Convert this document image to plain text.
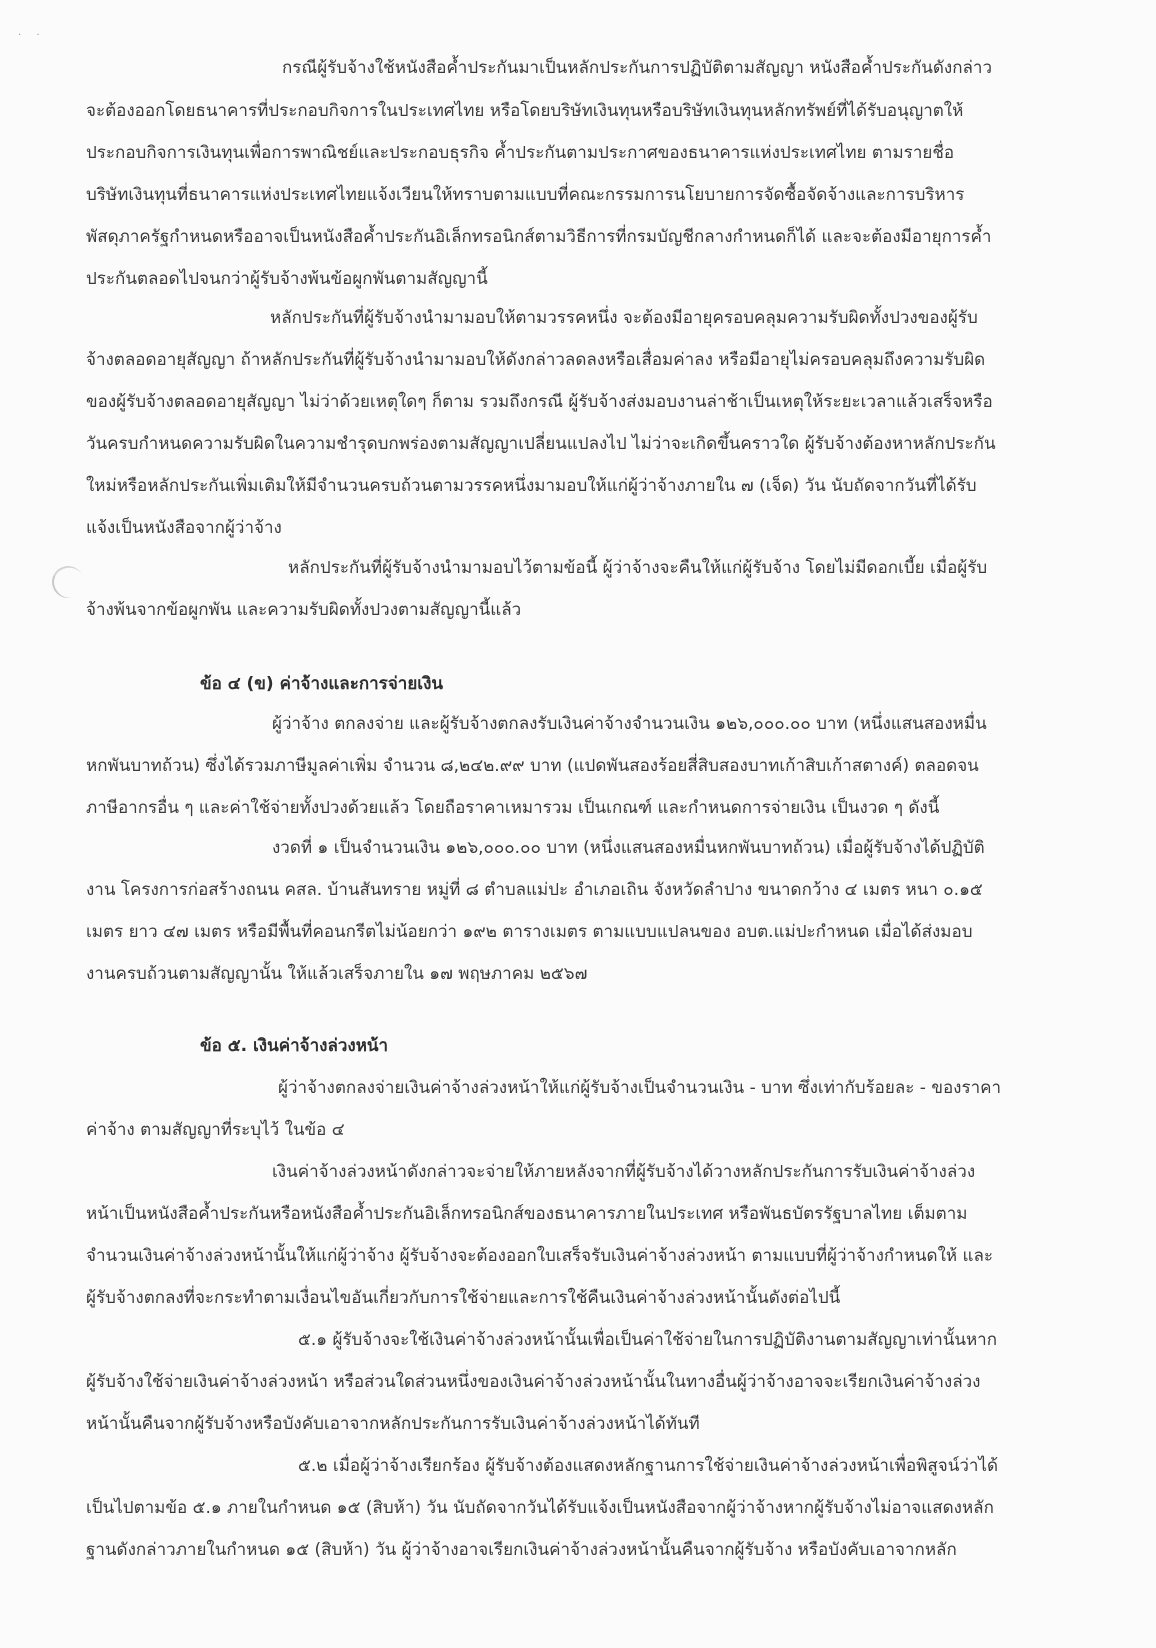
· ·
กรณีผู้รับจ้างใช้หนังสือค้ำประกันมาเป็นหลักประกันการปฏิบัติตามสัญญา หนังสือค้ำประกันดังกล่าว
จะต้องออกโดยธนาคารที่ประกอบกิจการในประเทศไทย หรือโดยบริษัทเงินทุนหรือบริษัทเงินทุนหลักทรัพย์ที่ได้รับอนุญาตให้
ประกอบกิจการเงินทุนเพื่อการพาณิชย์และประกอบธุรกิจ ค้ำประกันตามประกาศของธนาคารแห่งประเทศไทย ตามรายชื่อ
บริษัทเงินทุนที่ธนาคารแห่งประเทศไทยแจ้งเวียนให้ทราบตามแบบที่คณะกรรมการนโยบายการจัดซื้อจัดจ้างและการบริหาร
พัสดุภาครัฐกำหนดหรืออาจเป็นหนังสือค้ำประกันอิเล็กทรอนิกส์ตามวิธีการที่กรมบัญชีกลางกำหนดก็ได้ และจะต้องมีอายุการค้ำ
ประกันตลอดไปจนกว่าผู้รับจ้างพ้นข้อผูกพันตามสัญญานี้
หลักประกันที่ผู้รับจ้างนำมามอบให้ตามวรรคหนึ่ง จะต้องมีอายุครอบคลุมความรับผิดทั้งปวงของผู้รับ
จ้างตลอดอายุสัญญา ถ้าหลักประกันที่ผู้รับจ้างนำมามอบให้ดังกล่าวลดลงหรือเสื่อมค่าลง หรือมีอายุไม่ครอบคลุมถึงความรับผิด
ของผู้รับจ้างตลอดอายุสัญญา ไม่ว่าด้วยเหตุใดๆ ก็ตาม รวมถึงกรณี ผู้รับจ้างส่งมอบงานล่าช้าเป็นเหตุให้ระยะเวลาแล้วเสร็จหรือ
วันครบกำหนดความรับผิดในความชำรุดบกพร่องตามสัญญาเปลี่ยนแปลงไป ไม่ว่าจะเกิดขึ้นคราวใด ผู้รับจ้างต้องหาหลักประกัน
ใหม่หรือหลักประกันเพิ่มเติมให้มีจำนวนครบถ้วนตามวรรคหนึ่งมามอบให้แก่ผู้ว่าจ้างภายใน ๗ (เจ็ด) วัน นับถัดจากวันที่ได้รับ
แจ้งเป็นหนังสือจากผู้ว่าจ้าง
หลักประกันที่ผู้รับจ้างนำมามอบไว้ตามข้อนี้ ผู้ว่าจ้างจะคืนให้แก่ผู้รับจ้าง โดยไม่มีดอกเบี้ย เมื่อผู้รับ
จ้างพ้นจากข้อผูกพัน และความรับผิดทั้งปวงตามสัญญานี้แล้ว
ข้อ ๔ (ข) ค่าจ้างและการจ่ายเงิน
ผู้ว่าจ้าง ตกลงจ่าย และผู้รับจ้างตกลงรับเงินค่าจ้างจำนวนเงิน ๑๒๖,๐๐๐.๐๐ บาท (หนึ่งแสนสองหมื่น
หกพันบาทถ้วน) ซึ่งได้รวมภาษีมูลค่าเพิ่ม จำนวน ๘,๒๔๒.๙๙ บาท (แปดพันสองร้อยสี่สิบสองบาทเก้าสิบเก้าสตางค์) ตลอดจน
ภาษีอากรอื่น ๆ และค่าใช้จ่ายทั้งปวงด้วยแล้ว โดยถือราคาเหมารวม เป็นเกณฑ์ และกำหนดการจ่ายเงิน เป็นงวด ๆ ดังนี้
งวดที่ ๑ เป็นจำนวนเงิน ๑๒๖,๐๐๐.๐๐ บาท (หนึ่งแสนสองหมื่นหกพันบาทถ้วน) เมื่อผู้รับจ้างได้ปฏิบัติ
งาน โครงการก่อสร้างถนน คสล. บ้านสันทราย หมู่ที่ ๘ ตำบลแม่ปะ อำเภอเถิน จังหวัดลำปาง ขนาดกว้าง ๔ เมตร หนา ๐.๑๕
เมตร ยาว ๔๗ เมตร หรือมีพื้นที่คอนกรีตไม่น้อยกว่า ๑๙๒ ตารางเมตร ตามแบบแปลนของ อบต.แม่ปะกำหนด เมื่อได้ส่งมอบ
งานครบถ้วนตามสัญญานั้น ให้แล้วเสร็จภายใน ๑๗ พฤษภาคม ๒๕๖๗
ข้อ ๕. เงินค่าจ้างล่วงหน้า
ผู้ว่าจ้างตกลงจ่ายเงินค่าจ้างล่วงหน้าให้แก่ผู้รับจ้างเป็นจำนวนเงิน - บาท ซึ่งเท่ากับร้อยละ - ของราคา
ค่าจ้าง ตามสัญญาที่ระบุไว้ ในข้อ ๔
เงินค่าจ้างล่วงหน้าดังกล่าวจะจ่ายให้ภายหลังจากที่ผู้รับจ้างได้วางหลักประกันการรับเงินค่าจ้างล่วง
หน้าเป็นหนังสือค้ำประกันหรือหนังสือค้ำประกันอิเล็กทรอนิกส์ของธนาคารภายในประเทศ หรือพันธบัตรรัฐบาลไทย เต็มตาม
จำนวนเงินค่าจ้างล่วงหน้านั้นให้แก่ผู้ว่าจ้าง ผู้รับจ้างจะต้องออกใบเสร็จรับเงินค่าจ้างล่วงหน้า ตามแบบที่ผู้ว่าจ้างกำหนดให้ และ
ผู้รับจ้างตกลงที่จะกระทำตามเงื่อนไขอันเกี่ยวกับการใช้จ่ายและการใช้คืนเงินค่าจ้างล่วงหน้านั้นดังต่อไปนี้
๕.๑ ผู้รับจ้างจะใช้เงินค่าจ้างล่วงหน้านั้นเพื่อเป็นค่าใช้จ่ายในการปฏิบัติงานตามสัญญาเท่านั้นหาก
ผู้รับจ้างใช้จ่ายเงินค่าจ้างล่วงหน้า หรือส่วนใดส่วนหนึ่งของเงินค่าจ้างล่วงหน้านั้นในทางอื่นผู้ว่าจ้างอาจจะเรียกเงินค่าจ้างล่วง
หน้านั้นคืนจากผู้รับจ้างหรือบังคับเอาจากหลักประกันการรับเงินค่าจ้างล่วงหน้าได้ทันที
๕.๒ เมื่อผู้ว่าจ้างเรียกร้อง ผู้รับจ้างต้องแสดงหลักฐานการใช้จ่ายเงินค่าจ้างล่วงหน้าเพื่อพิสูจน์ว่าได้
เป็นไปตามข้อ ๕.๑ ภายในกำหนด ๑๕ (สิบห้า) วัน นับถัดจากวันได้รับแจ้งเป็นหนังสือจากผู้ว่าจ้างหากผู้รับจ้างไม่อาจแสดงหลัก
ฐานดังกล่าวภายในกำหนด ๑๕ (สิบห้า) วัน ผู้ว่าจ้างอาจเรียกเงินค่าจ้างล่วงหน้านั้นคืนจากผู้รับจ้าง หรือบังคับเอาจากหลัก
